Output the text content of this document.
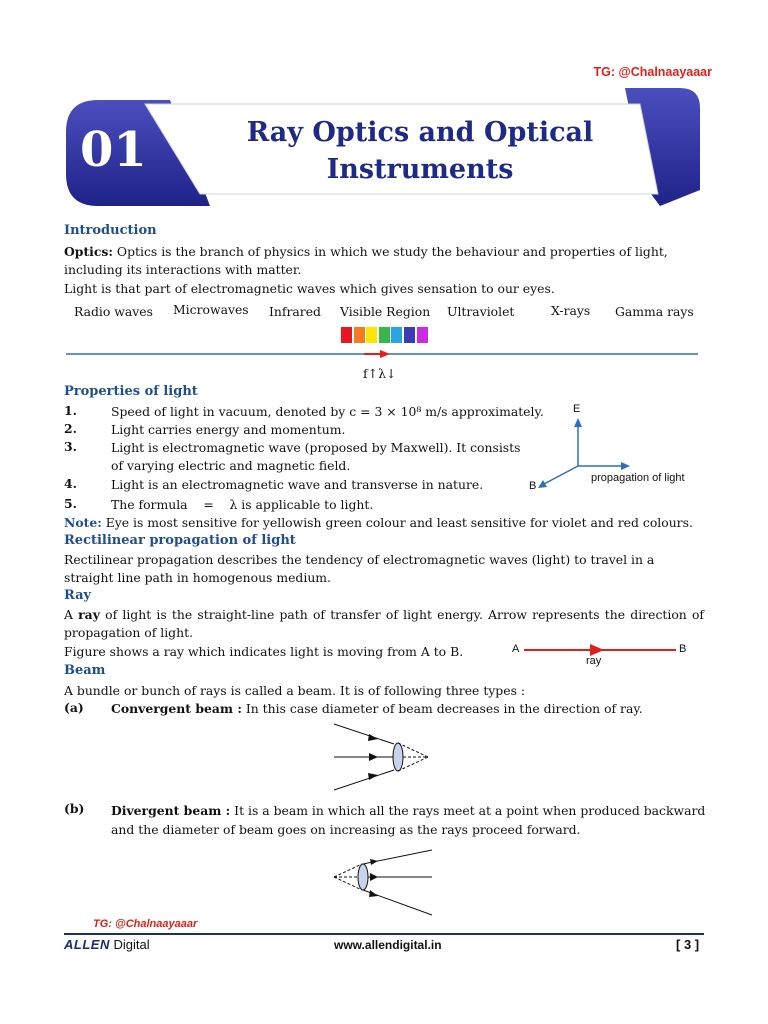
TG: @Chalnaayaaar
01	Ray Optics and Optical
Instruments
Introduction
Optics: Optics is the branch of physics in which we study the behaviour and properties of light, including its interactions with matter.
Light is that part of electromagnetic waves which gives sensation to our eyes.
Radio waves Microwaves Infrared Visible Region Ultraviolet	X-rays Gamma rays
f↑λ↓
Properties of light
1.	Speed of light in vacuum, denoted by c = 3 × 10⁸ m/s approximately.
2.	Light carries energy and momentum.
3.	Light is electromagnetic wave (proposed by Maxwell). It consists of varying electric and magnetic field.
4.	Light is an electromagnetic wave and transverse in nature.
5.	The formula    =    λ is applicable to light.
E
B
propagation of light
Note: Eye is most sensitive for yellowish green colour and least sensitive for violet and red colours.
Rectilinear propagation of light
Rectilinear propagation describes the tendency of electromagnetic waves (light) to travel in a straight line path in homogenous medium.
Ray
A ray of light is the straight-line path of transfer of light energy. Arrow represents the direction of propagation of light.
Figure shows a ray which indicates light is moving from A to B.	A	B
ray
Beam
A bundle or bunch of rays is called a beam. It is of following three types :
(a)	Convergent beam : In this case diameter of beam decreases in the direction of ray.
(b)	Divergent beam : It is a beam in which all the rays meet at a point when produced backward and the diameter of beam goes on increasing as the rays proceed forward.
TG: @Chalnaayaaar
ALLEN Digital	www.allendigital.in	[ 3 ]
